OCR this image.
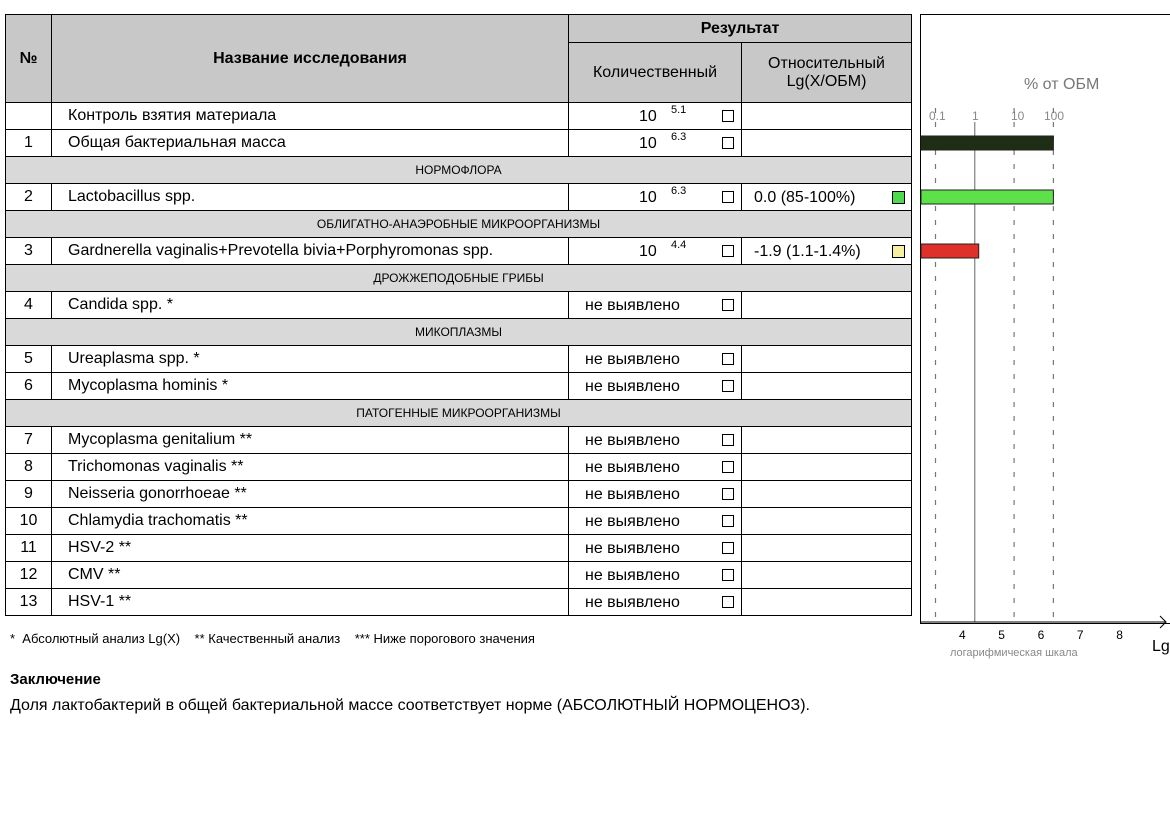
№	Название исследования	Результат	
		Количественный	Относительный Lg(X/ОБМ)
	Контроль взятия материала	10 5.1	

1	Общая бактериальная масса	10 6.3	

НОРМОФЛОРА			
2	Lactobacillus spp.	10 6.3	0.0 (85-100%)

ОБЛИГАТНО-АНАЭРОБНЫЕ МИКРООРГАНИЗМЫ			
3	Gardnerella vaginalis+Prevotella bivia+Porphyromonas spp.	10 4.4	-1.9 (1.1-1.4%)

ДРОЖЖЕПОДОБНЫЕ ГРИБЫ			
4	Candida spp. *	не выявлено	

МИКОПЛАЗМЫ			
5	Ureaplasma spp. *	не выявлено	

6	Mycoplasma hominis *	не выявлено	

ПАТОГЕННЫЕ МИКРООРГАНИЗМЫ			
7	Mycoplasma genitalium **	не выявлено	

8	Trichomonas vaginalis **	не выявлено	

9	Neisseria gonorrhoeae **	не выявлено	

10	Chlamydia trachomatis **	не выявлено	

11	HSV-2 **	не выявлено	

12	CMV **	не выявлено	

13	HSV-1 **	не выявлено	

% от ОБМ
0.1 1	10 100
4	5	6	7	8
логарифмическая шкала	Lg
*  Абсолютный анализ Lg(X)    ** Качественный анализ    *** Ниже порогового значения
Заключение
Доля лактобактерий в общей бактериальной массе соответствует норме (АБСОЛЮТНЫЙ НОРМОЦЕНОЗ).
